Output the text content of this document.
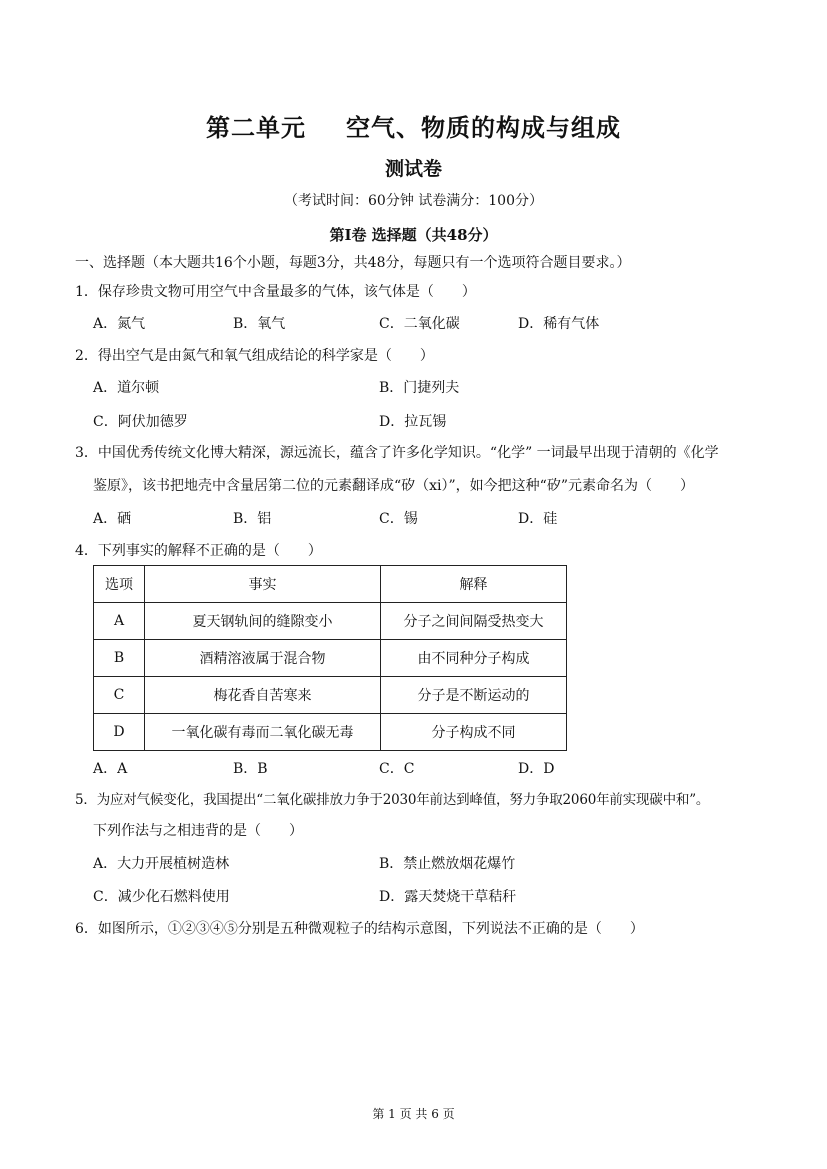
第二单元 空气、物质的构成与组成
测试卷
（考试时间：60分钟 试卷满分：100分）
第Ⅰ卷 选择题（共48分）
一、选择题（本大题共16个小题，每题3分，共48分，每题只有一个选项符合题目要求。）
1．保存珍贵文物可用空气中含量最多的气体，该气体是（　　）
A．氮气	B．氧气	C．二氧化碳	D．稀有气体
2．得出空气是由氮气和氧气组成结论的科学家是（　　）
A．道尔顿	B．门捷列夫
C．阿伏加德罗	D．拉瓦锡
3．中国优秀传统文化博大精深，源远流长，蕴含了许多化学知识。“化学” 一词最早出现于清朝的《化学
鉴原》，该书把地壳中含量居第二位的元素翻译成“矽（xi）”，如今把这种“矽”元素命名为（　　）
A．硒	B．铝	C．锡	D．硅
4．下列事实的解释不正确的是（　　）
选项	事实	解释
A	夏天钢轨间的缝隙变小	分子之间间隔受热变大
B	酒精溶液属于混合物	由不同种分子构成
C	梅花香自苦寒来	分子是不断运动的
D	一氧化碳有毒而二氧化碳无毒	分子构成不同
A．A	B．B	C．C	D．D
5．为应对气候变化，我国提出“二氧化碳排放力争于2030年前达到峰值，努力争取2060年前实现碳中和”。
下列作法与之相违背的是（　　）
A．大力开展植树造林	B．禁止燃放烟花爆竹
C．减少化石燃料使用	D．露天焚烧干草秸秆
6．如图所示，①②③④⑤分别是五种微观粒子的结构示意图，下列说法不正确的是（　　）
第 1 页 共 6 页
